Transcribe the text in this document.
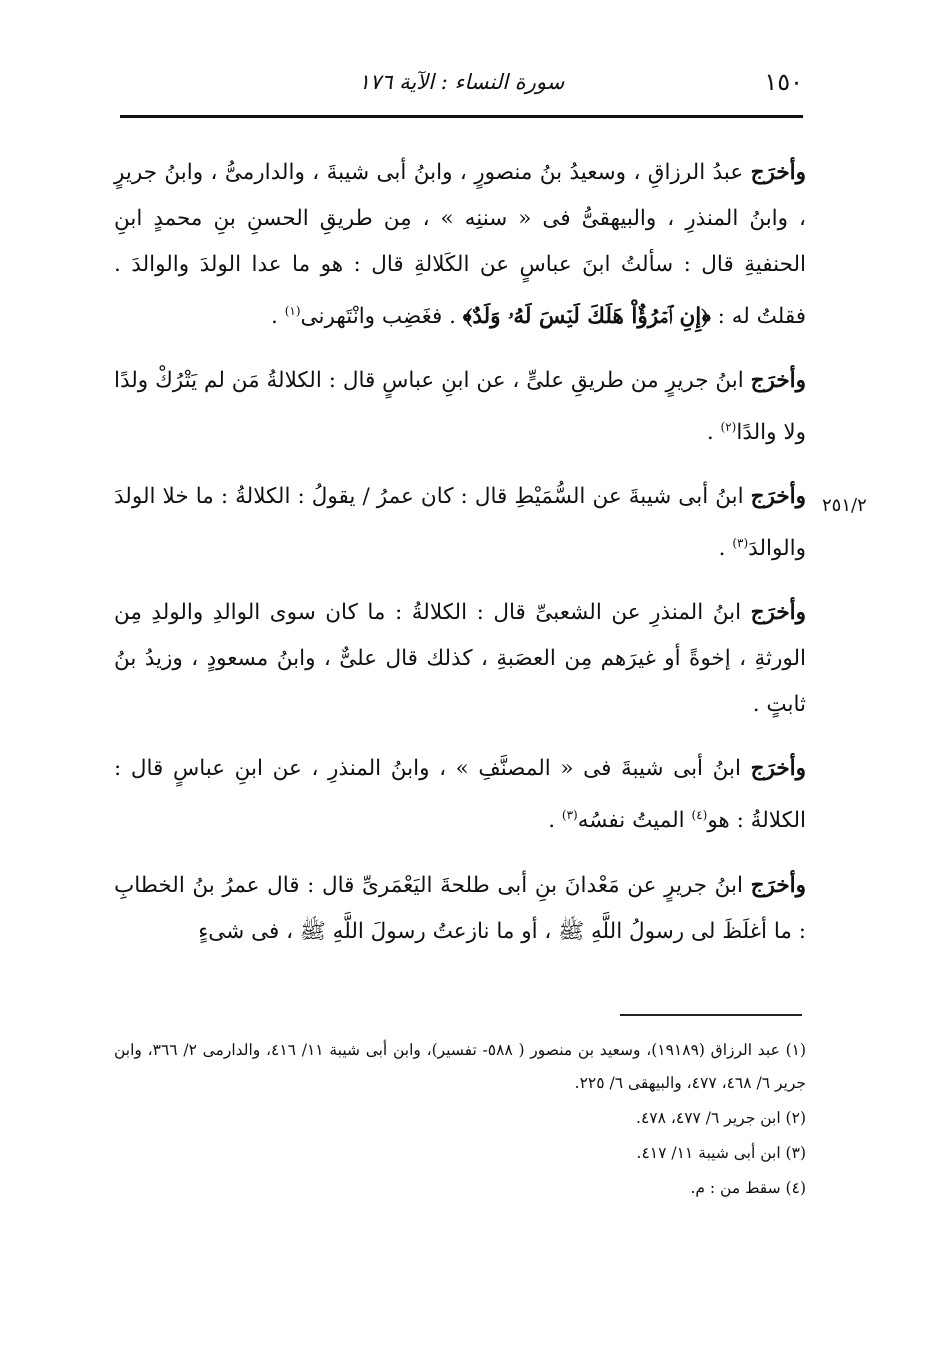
١٥٠
سورة النساء : الآية ١٧٦

وأخرَج عبدُ الرزاقِ ، وسعيدُ بنُ منصورٍ ، وابنُ أبى شيبةَ ، والدارمىُّ ، وابنُ جريرٍ ، وابنُ المنذرِ ، والبيهقىُّ فى « سننِه » ، مِن طريقِ الحسنِ بنِ محمدٍ ابنِ الحنفيةِ قال : سألتُ ابنَ عباسٍ عن الكَلالةِ قال : هو ما عدا الولدَ والوالدَ . فقلتُ له : ﴿إِنِ ٱمۡرُؤٌاْ هَلَكَ لَيۡسَ لَهُۥ وَلَدٌ﴾ . فغَضِب وانْتَهرنى$^{(١)}$ .

وأخرَج ابنُ جريرٍ من طريقِ علىٍّ ، عن ابنِ عباسٍ قال : الكلالةُ مَن لم يَتْرُكْ ولدًا ولا والدًا$^{(٢)}$ .

وأخرَج ابنُ أبى شيبةَ عن السُّمَيْطِ قال : كان عمرُ / يقولُ : الكلالةُ : ما خلا الولدَ والوالدَ$^{(٣)}$ .

وأخرَج ابنُ المنذرِ عن الشعبىِّ قال : الكلالةُ : ما كان سوى الوالدِ والولدِ مِن الورثةِ ، إخوةً أو غيرَهم مِن العصَبةِ ، كذلك قال علىٌّ ، وابنُ مسعودٍ ، وزيدُ بنُ ثابتٍ .

وأخرَج ابنُ أبى شيبةَ فى « المصنَّفِ » ، وابنُ المنذرِ ، عن ابنِ عباسٍ قال : الكلالةُ : هو$^{(٤)}$ الميتُ نفسُه$^{(٣)}$ .

وأخرَج ابنُ جريرٍ عن مَعْدانَ بنِ أبى طلحةَ اليَعْمَرىِّ قال : قال عمرُ بنُ الخطابِ : ما أغلَظَ لى رسولُ اللَّهِ ﷺ ، أو ما نازعتُ رسولَ اللَّهِ ﷺ ، فى شىءٍ

٢٥١/٢

(١) عبد الرزاق (١٩١٨٩)، وسعيد بن منصور ( ٥٨٨- تفسير)، وابن أبى شيبة ١١/ ٤١٦، والدارمى ٢/ ٣٦٦، وابن جرير ٦/ ٤٦٨، ٤٧٧، والبيهقى ٦/ ٢٢٥.

(٢) ابن جرير ٦/ ٤٧٧، ٤٧٨.

(٣) ابن أبى شيبة ١١/ ٤١٧.

(٤) سقط من : م.
